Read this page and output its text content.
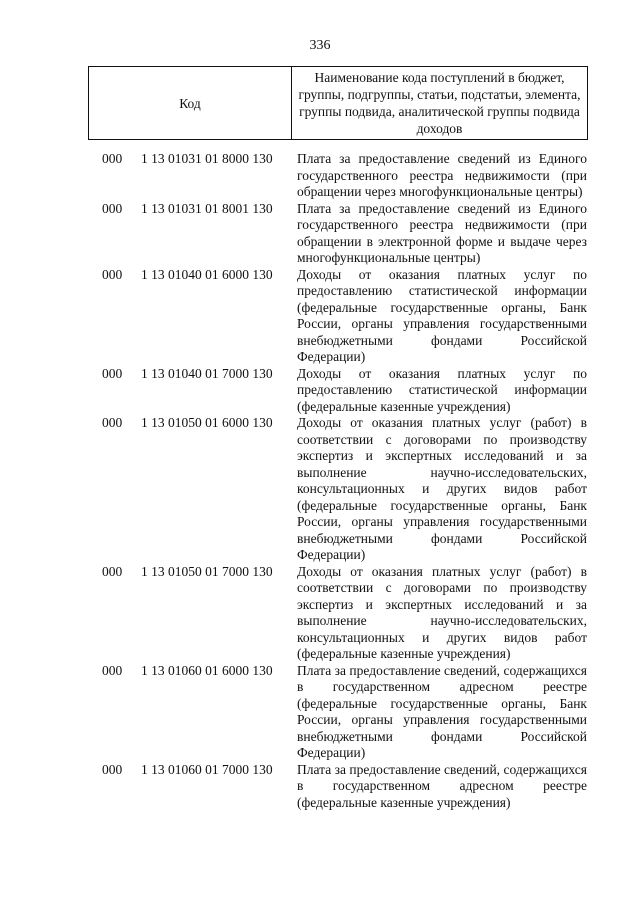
336
Код	Наименование кода поступлений в бюджет, группы, подгруппы, статьи, подстатьи, элемента, группы подвида, аналитической группы подвида доходов
000	1 13 01031 01 8000 130	Плата за предоставление сведений из Единого государственного реестра недвижимости (при обращении через многофункциональные центры)
000	1 13 01031 01 8001 130	Плата за предоставление сведений из Единого государственного реестра недвижимости (при обращении в электронной форме и выдаче через многофункциональные центры)
000	1 13 01040 01 6000 130	Доходы от оказания платных услуг по предоставлению статистической информации (федеральные государственные органы, Банк России, органы управления государственными внебюджетными фондами Российской Федерации)
000	1 13 01040 01 7000 130	Доходы от оказания платных услуг по предоставлению статистической информации (федеральные казенные учреждения)
000	1 13 01050 01 6000 130	Доходы от оказания платных услуг (работ) в соответствии с договорами по производству экспертиз и экспертных исследований и за выполнение научно-исследовательских, консультационных и других видов работ (федеральные государственные органы, Банк России, органы управления государственными внебюджетными фондами Российской Федерации)
000	1 13 01050 01 7000 130	Доходы от оказания платных услуг (работ) в соответствии с договорами по производству экспертиз и экспертных исследований и за выполнение научно-исследовательских, консультационных и других видов работ (федеральные казенные учреждения)
000	1 13 01060 01 6000 130	Плата за предоставление сведений, содержащихся в государственном адресном реестре (федеральные государственные органы, Банк России, органы управления государственными внебюджетными фондами Российской Федерации)
000	1 13 01060 01 7000 130	Плата за предоставление сведений, содержащихся в государственном адресном реестре (федеральные казенные учреждения)
